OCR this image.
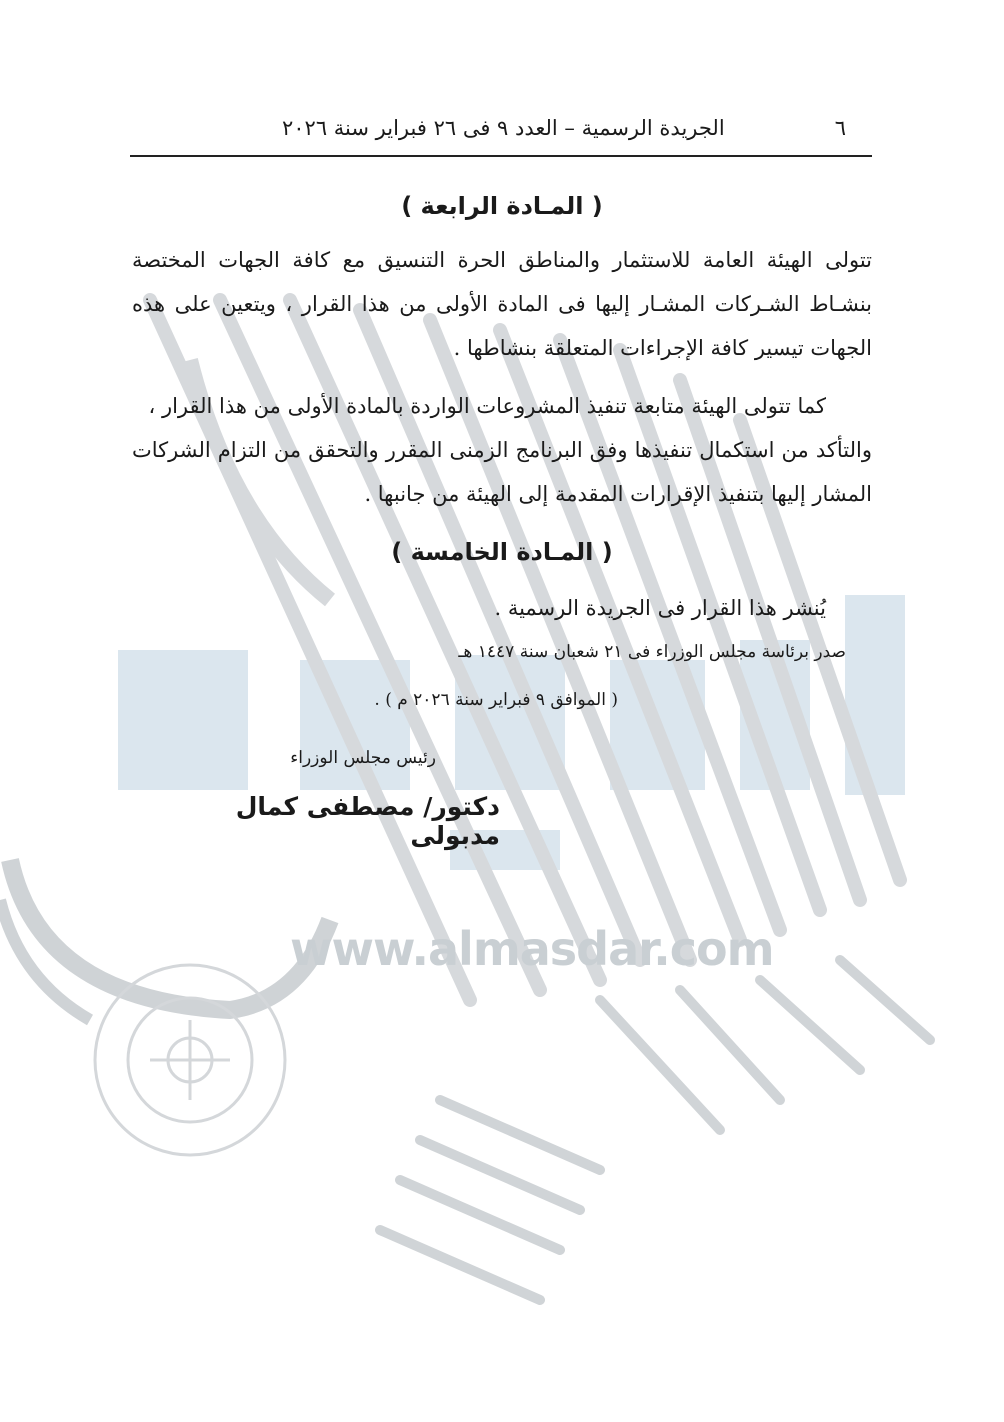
www.almasdar.com
٦
الجريدة الرسمية – العدد ٩ فى ٢٦ فبراير سنة ٢٠٢٦
( المـادة الرابعة )
تتولى الهيئة العامة للاستثمار والمناطق الحرة التنسيق مع كافة الجهات المختصة
بنشـاط الشـركات المشـار إليها فى المادة الأولى من هذا القرار ، ويتعين على هذه
الجهات تيسير كافة الإجراءات المتعلقة بنشاطها .
كما تتولى الهيئة متابعة تنفيذ المشروعات الواردة بالمادة الأولى من هذا القرار ،
والتأكد من استكمال تنفيذها وفق البرنامج الزمنى المقرر والتحقق من التزام الشركات
المشار إليها بتنفيذ الإقرارات المقدمة إلى الهيئة من جانبها .
( المـادة الخامسة )
يُنشر هذا القرار فى الجريدة الرسمية .
صدر برئاسة مجلس الوزراء فى ٢١ شعبان سنة ١٤٤٧ هـ
( الموافق ٩ فبراير سنة ٢٠٢٦ م ) .
رئيس مجلس الوزراء
دكتور/ مصطفى كمال مدبولى
